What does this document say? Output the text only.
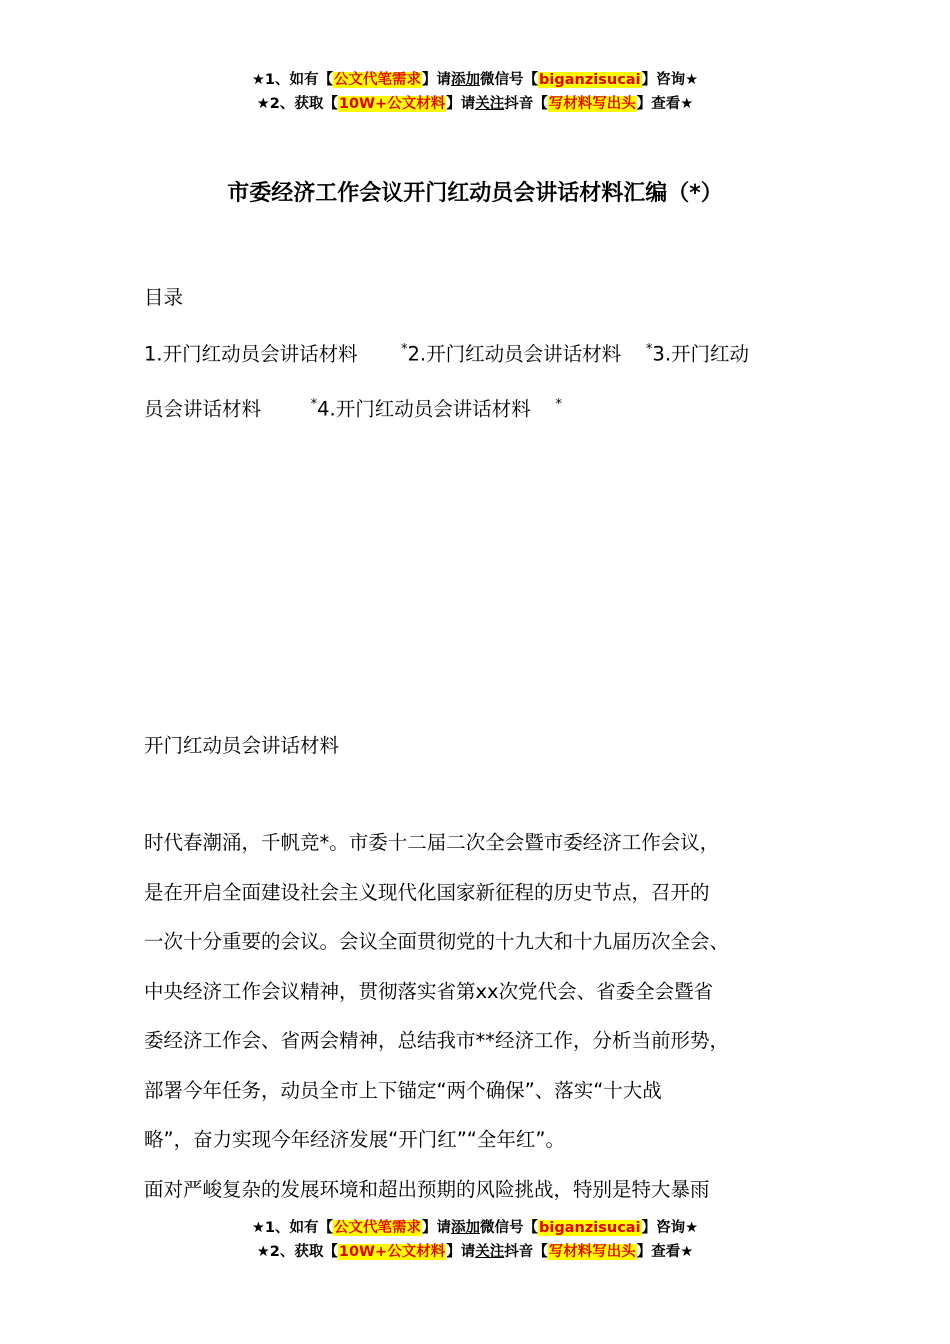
★1、如有【公文代笔需求】请添加微信号【biganzisucai】咨询★
★2、获取【10W+公文材料】请关注抖音【写材料写出头】查看★
市委经济工作会议开门红动员会讲话材料汇编（*）
目录
1.开门红动员会讲话材料	*2.开门红动员会讲话材料 *3.开门红动
员会讲话材料	*4.开门红动员会讲话材料 *
开门红动员会讲话材料

时代春潮涌，千帆竞*。市委十二届二次全会暨市委经济工作会议，
是在开启全面建设社会主义现代化国家新征程的历史节点，召开的
一次十分重要的会议。会议全面贯彻党的十九大和十九届历次全会、
中央经济工作会议精神，贯彻落实省第xx次党代会、省委全会暨省
委经济工作会、省两会精神，总结我市**经济工作，分析当前形势，
部署今年任务，动员全市上下锚定“两个确保”、落实“十大战
略”，奋力实现今年经济发展“开门红”“全年红”。

面对严峻复杂的发展环境和超出预期的风险挑战，特别是特大暴雨

★1、如有【公文代笔需求】请添加微信号【biganzisucai】咨询★
★2、获取【10W+公文材料】请关注抖音【写材料写出头】查看★
